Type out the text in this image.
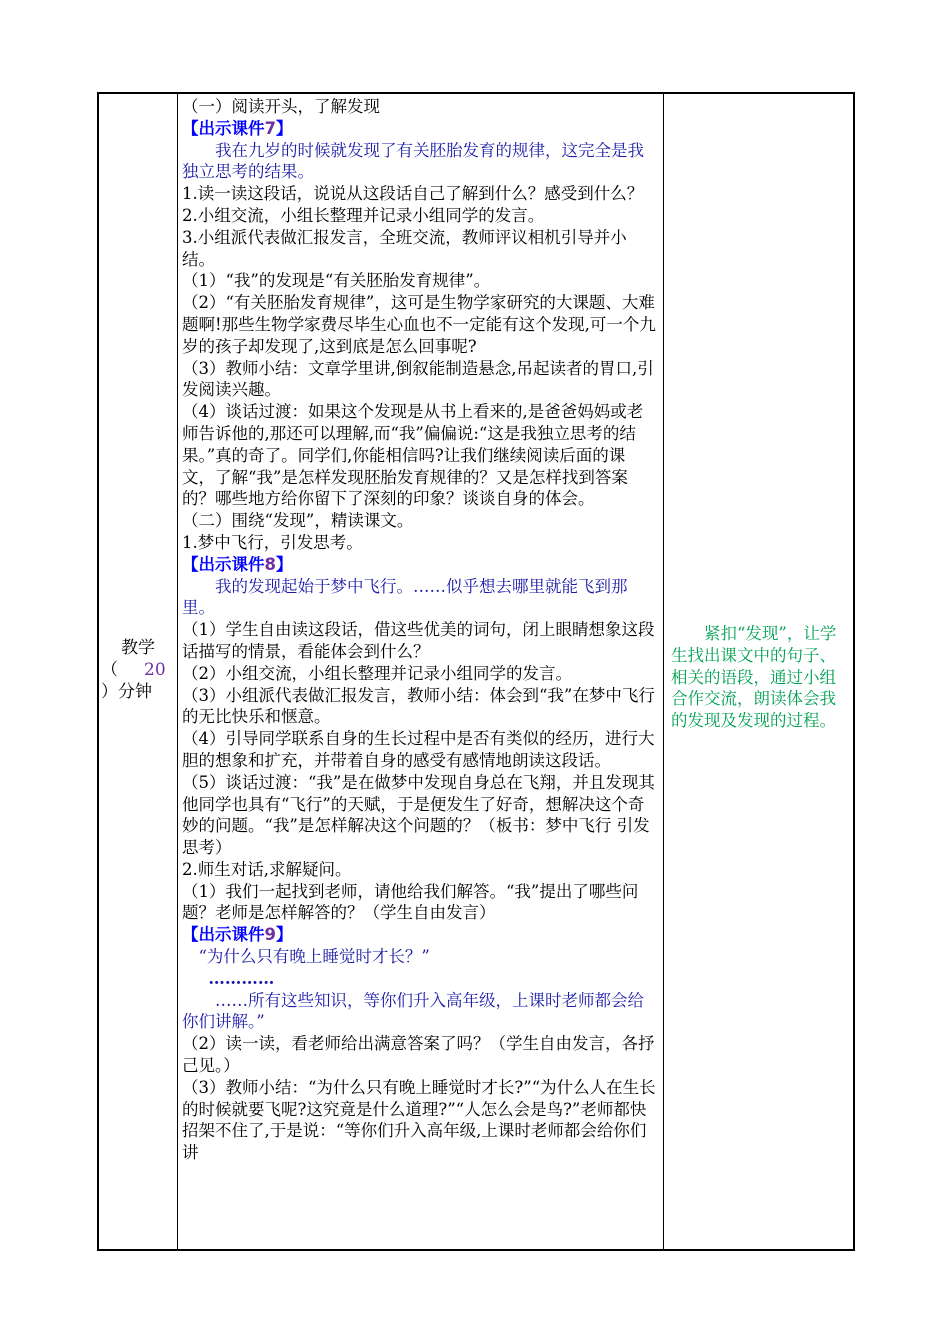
教学
（ 20
）分钟

（一）阅读开头，了解发现

【出示课件7】

我在九岁的时候就发现了有关胚胎发育的规律，这完全是我独立思考的结果。

1.读一读这段话，说说从这段话自己了解到什么？感受到什么？

2.小组交流，小组长整理并记录小组同学的发言。

3.小组派代表做汇报发言，全班交流，教师评议相机引导并小结。

（1）“我”的发现是“有关胚胎发育规律”。

（2）“有关胚胎发育规律”，这可是生物学家研究的大课题、大难题啊!那些生物学家费尽毕生心血也不一定能有这个发现,可一个九岁的孩子却发现了,这到底是怎么回事呢?

（3）教师小结：文章学里讲,倒叙能制造悬念,吊起读者的胃口,引发阅读兴趣。

（4）谈话过渡：如果这个发现是从书上看来的,是爸爸妈妈或老师告诉他的,那还可以理解,而“我”偏偏说:“这是我独立思考的结果。”真的奇了。同学们,你能相信吗?让我们继续阅读后面的课文，了解“我”是怎样发现胚胎发育规律的？又是怎样找到答案的？哪些地方给你留下了深刻的印象？谈谈自身的体会。

（二）围绕“发现”，精读课文。

1.梦中飞行，引发思考。

【出示课件8】

我的发现起始于梦中飞行。……似乎想去哪里就能飞到那里。

（1）学生自由读这段话，借这些优美的词句，闭上眼睛想象这段话描写的情景，看能体会到什么？

（2）小组交流，小组长整理并记录小组同学的发言。

（3）小组派代表做汇报发言，教师小结：体会到“我”在梦中飞行的无比快乐和惬意。

（4）引导同学联系自身的生长过程中是否有类似的经历，进行大胆的想象和扩充，并带着自身的感受有感情地朗读这段话。

（5）谈话过渡：“我”是在做梦中发现自身总在飞翔，并且发现其他同学也具有“飞行”的天赋，于是便发生了好奇，想解决这个奇妙的问题。“我”是怎样解决这个问题的？（板书：梦中飞行 引发思考）

2.师生对话,求解疑问。

（1）我们一起找到老师，请他给我们解答。“我”提出了哪些问题？老师是怎样解答的？（学生自由发言）

【出示课件9】

“为什么只有晚上睡觉时才长？”

…………

……所有这些知识，等你们升入高年级，上课时老师都会给你们讲解。”

（2）读一读，看老师给出满意答案了吗？（学生自由发言，各抒己见。）

（3）教师小结：“为什么只有晚上睡觉时才长?”“为什么人在生长的时候就要飞呢?这究竟是什么道理?”“人怎么会是鸟?”老师都快招架不住了,于是说：“等你们升入高年级,上课时老师都会给你们讲

紧扣“发现”，让学生找出课文中的句子、相关的语段，通过小组合作交流，朗读体会我的发现及发现的过程。
